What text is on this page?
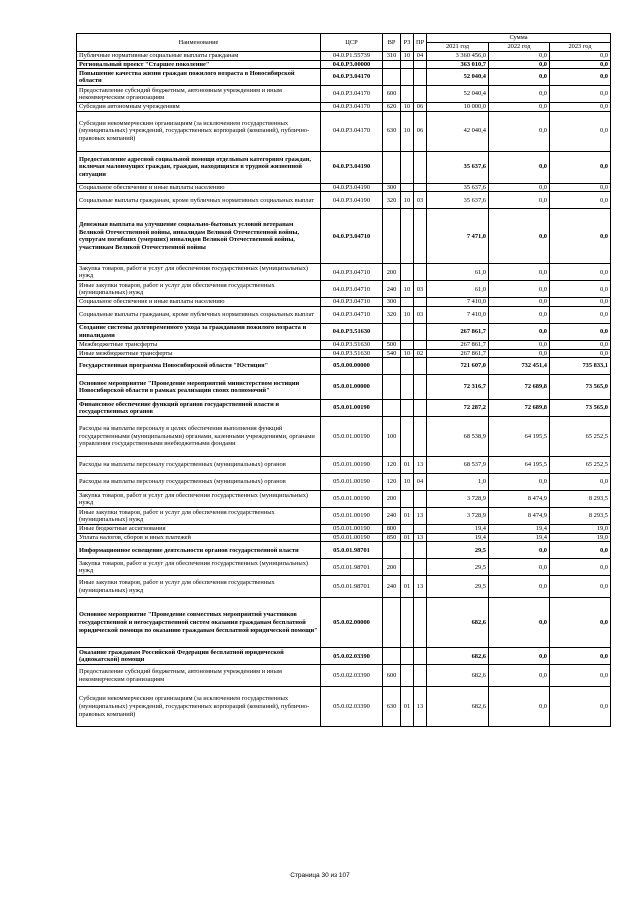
Наименование	ЦСР	ВР	РЗ	ПР	Сумма		
					2021 год	2022 год	2023 год
Публичные нормативные социальные выплаты гражданам	04.0.P1.55739	310	10	04	3 360 456,0	0,0	0,0
Региональный проект "Старшее поколение"	04.0.P3.00000				363 010,7	0,0	0,0
Повышение качества жизни граждан пожилого возраста в Новосибирской области	04.0.P3.04170				52 040,4	0,0	0,0
Предоставление субсидий бюджетным, автономным учреждениям и иным некоммерческим организациям	04.0.P3.04170	600			52 040,4	0,0	0,0
Субсидии автономным учреждениям	04.0.P3.04170	620	10	06	10 000,0	0,0	0,0
Субсидии некоммерческим организациям (за исключением государственных (муниципальных) учреждений, государственных корпораций (компаний), публично-правовых компаний)	04.0.P3.04170	630	10	06	42 040,4	0,0	0,0
Предоставление адресной социальной помощи отдельным категориям граждан, включая малоимущих граждан, граждан, находящихся в трудной жизненной ситуации	04.0.P3.04190				35 637,6	0,0	0,0
Социальное обеспечение и иные выплаты населению	04.0.P3.04190	300			35 637,6	0,0	0,0
Социальные выплаты гражданам, кроме публичных нормативных социальных выплат	04.0.P3.04190	320	10	03	35 637,6	0,0	0,0
Денежная выплата на улучшение социально-бытовых условий ветеранам Великой Отечественной войны, инвалидам Великой Отечественной войны, супругам погибших (умерших) инвалидов Великой Отечественной войны, участникам Великой Отечественной войны	04.0.P3.04710				7 471,0	0,0	0,0
Закупка товаров, работ и услуг для обеспечения государственных (муниципальных) нужд	04.0.P3.04710	200			61,0	0,0	0,0
Иные закупки товаров, работ и услуг для обеспечения государственных (муниципальных) нужд	04.0.P3.04710	240	10	03	61,0	0,0	0,0
Социальное обеспечение и иные выплаты населению	04.0.P3.04710	300			7 410,0	0,0	0,0
Социальные выплаты гражданам, кроме публичных нормативных социальных выплат	04.0.P3.04710	320	10	03	7 410,0	0,0	0,0
Создание системы долговременного ухода за гражданами пожилого возраста и инвалидами	04.0.P3.51630				267 861,7	0,0	0,0
Межбюджетные трансферты	04.0.P3.51630	500			267 861,7	0,0	0,0
Иные межбюджетные трансферты	04.0.P3.51630	540	10	02	267 861,7	0,0	0,0
Государственная программа Новосибирской области "Юстиция"	05.0.00.00000				721 607,0	732 451,4	735 833,1
Основное мероприятие "Проведение мероприятий министерством юстиции Новосибирской области в рамках реализации своих полномочий"	05.0.01.00000				72 316,7	72 689,8	73 565,0
Финансовое обеспечение функций органов государственной власти и государственных органов	05.0.01.00190				72 287,2	72 689,8	73 565,0
Расходы на выплаты персоналу в целях обеспечения выполнения функций государственными (муниципальными) органами, казенными учреждениями, органами управления государственными внебюджетными фондами	05.0.01.00190	100			68 538,9	64 195,5	65 252,5
Расходы на выплаты персоналу государственных (муниципальных) органов	05.0.01.00190	120	01	13	68 537,9	64 195,5	65 252,5
Расходы на выплаты персоналу государственных (муниципальных) органов	05.0.01.00190	120	10	04	1,0	0,0	0,0
Закупка товаров, работ и услуг для обеспечения государственных (муниципальных) нужд	05.0.01.00190	200			3 728,9	8 474,9	8 293,5
Иные закупки товаров, работ и услуг для обеспечения государственных (муниципальных) нужд	05.0.01.00190	240	01	13	3 728,9	8 474,9	8 293,5
Иные бюджетные ассигнования	05.0.01.00190	800			19,4	19,4	19,0
Уплата налогов, сборов и иных платежей	05.0.01.00190	850	01	13	19,4	19,4	19,0
Информационное освещение деятельности органов государственной власти	05.0.01.98701				29,5	0,0	0,0
Закупка товаров, работ и услуг для обеспечения государственных (муниципальных) нужд	05.0.01.98701	200			29,5	0,0	0,0
Иные закупки товаров, работ и услуг для обеспечения государственных (муниципальных) нужд	05.0.01.98701	240	01	13	29,5	0,0	0,0
Основное мероприятие "Проведение совместных мероприятий участников государственной и негосударственной систем оказания гражданам бесплатной юридической помощи по оказанию гражданам бесплатной юридической помощи"	05.0.02.00000				682,6	0,0	0,0
Оказание гражданам Российской Федерации бесплатной юридической (адвокатской) помощи	05.0.02.03390				682,6	0,0	0,0
Предоставление субсидий бюджетным, автономным учреждениям и иным некоммерческим организациям	05.0.02.03390	600			682,6	0,0	0,0
Субсидии некоммерческим организациям (за исключением государственных (муниципальных) учреждений, государственных корпораций (компаний), публично-правовых компаний)	05.0.02.03390	630	01	13	682,6	0,0	0,0
Страница 30 из 107
